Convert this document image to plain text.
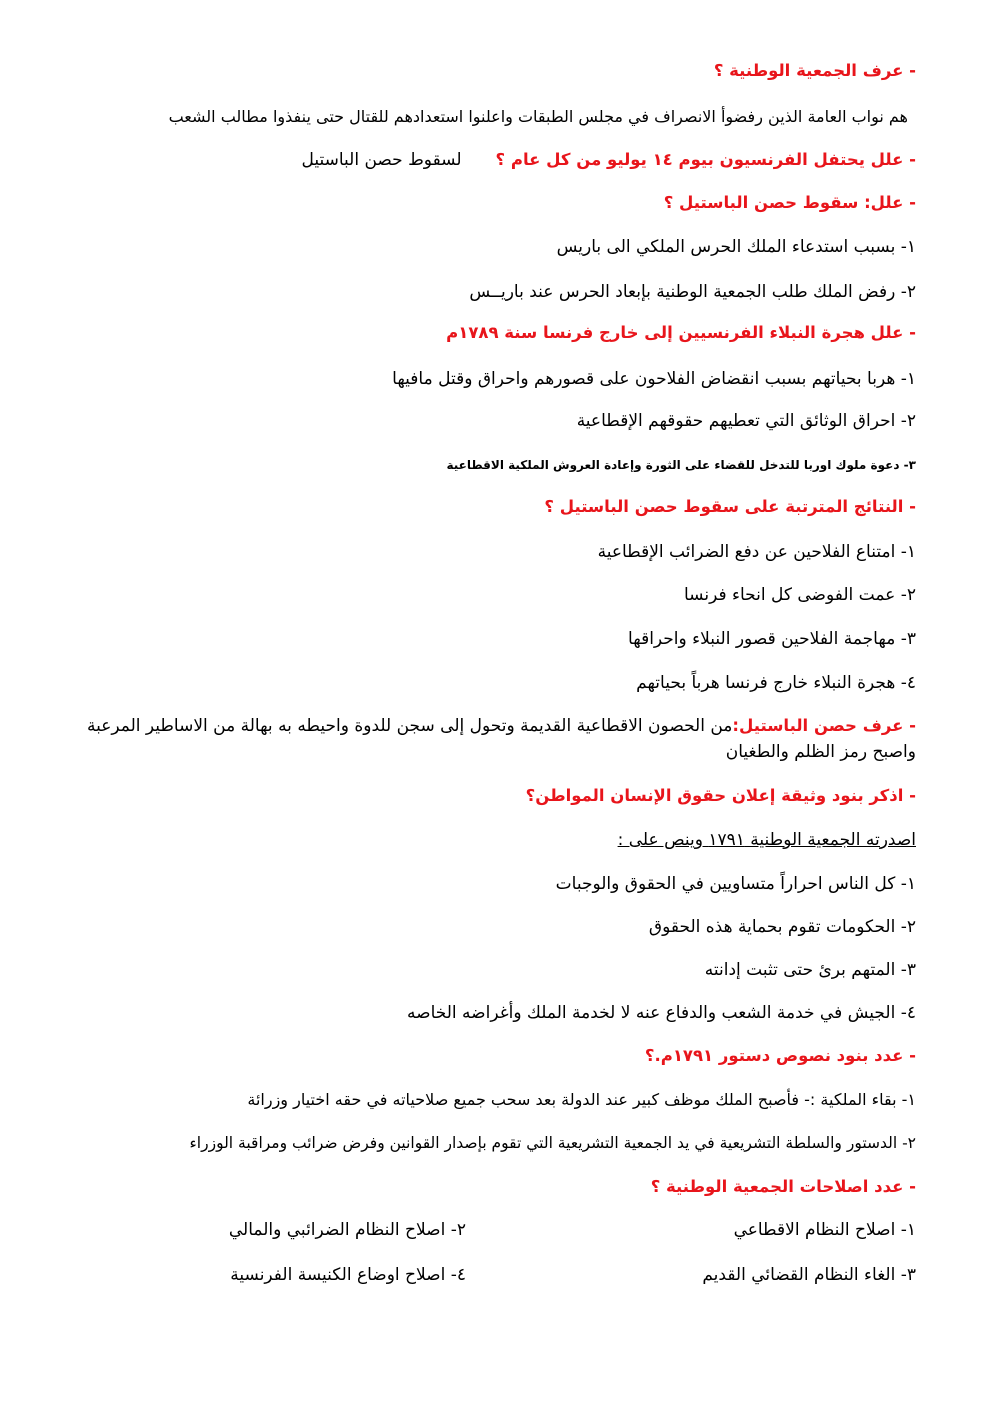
- عرف الجمعية الوطنية ؟
هم نواب العامة الذين رفضوأ الانصراف في مجلس الطبقات واعلنوا استعدادهم للقتال حتى ينفذوا مطالب الشعب
- علل يحتفل الفرنسيون بيوم ١٤ يوليو من كل عام ؟لسقوط حصن الباستيل
- علل: سقوط حصن الباستيل ؟
١- بسبب استدعاء الملك الحرس الملكي الى باريس
٢- رفض الملك طلب الجمعية الوطنية بإبعاد الحرس عند باريــس
- علل هجرة النبلاء الفرنسيين إلى خارج فرنسا سنة ١٧٨٩م
١- هربا بحياتهم بسبب انقضاض الفلاحون على قصورهم واحراق وقتل مافيها
٢- احراق الوثائق التي تعطيهم حقوقهم الإقطاعية
٣- دعوة ملوك اوربا للتدخل للقضاء على الثورة وإعادة العروش الملكية الاقطاعية
- النتائج المترتبة على سقوط حصن الباستيل ؟
١- امتناع الفلاحين عن دفع الضرائب الإقطاعية
٢- عمت الفوضى كل انحاء فرنسا
٣- مهاجمة الفلاحين قصور النبلاء واحراقها
٤- هجرة النبلاء خارج فرنسا هرباً بحياتهم
- عرف حصن الباستيل:من الحصون الاقطاعية القديمة وتحول إلى سجن للدوة واحيطه به بهالة من الاساطير المرعبة واصبح رمز الظلم والطغيان
- اذكر بنود وثيقة إعلان حقوق الإنسان المواطن؟
اصدرته الجمعية الوطنية ١٧٩١ وينص على :
١- كل الناس احراراً متساويين في الحقوق والوجبات
٢- الحكومات تقوم بحماية هذه الحقوق
٣- المتهم برئ حتى تثبت إدانته
٤- الجيش في خدمة الشعب والدفاع عنه لا لخدمة الملك وأغراضه الخاصه
- عدد بنود نصوص دستور ١٧٩١م.؟
١- بقاء الملكية :- فأصبح الملك موظف كبير عند الدولة بعد سحب جميع صلاحياته في حقه اختيار وزرائة
٢- الدستور والسلطة التشريعية في يد الجمعية التشريعية التي تقوم بإصدار القوانين وفرض ضرائب ومراقبة الوزراء
- عدد اصلاحات الجمعية الوطنية ؟
١- اصلاح النظام الاقطاعي
٢- اصلاح النظام الضرائبي والمالي
٣- الغاء النظام القضائي القديم
٤- اصلاح اوضاع الكنيسة الفرنسية
